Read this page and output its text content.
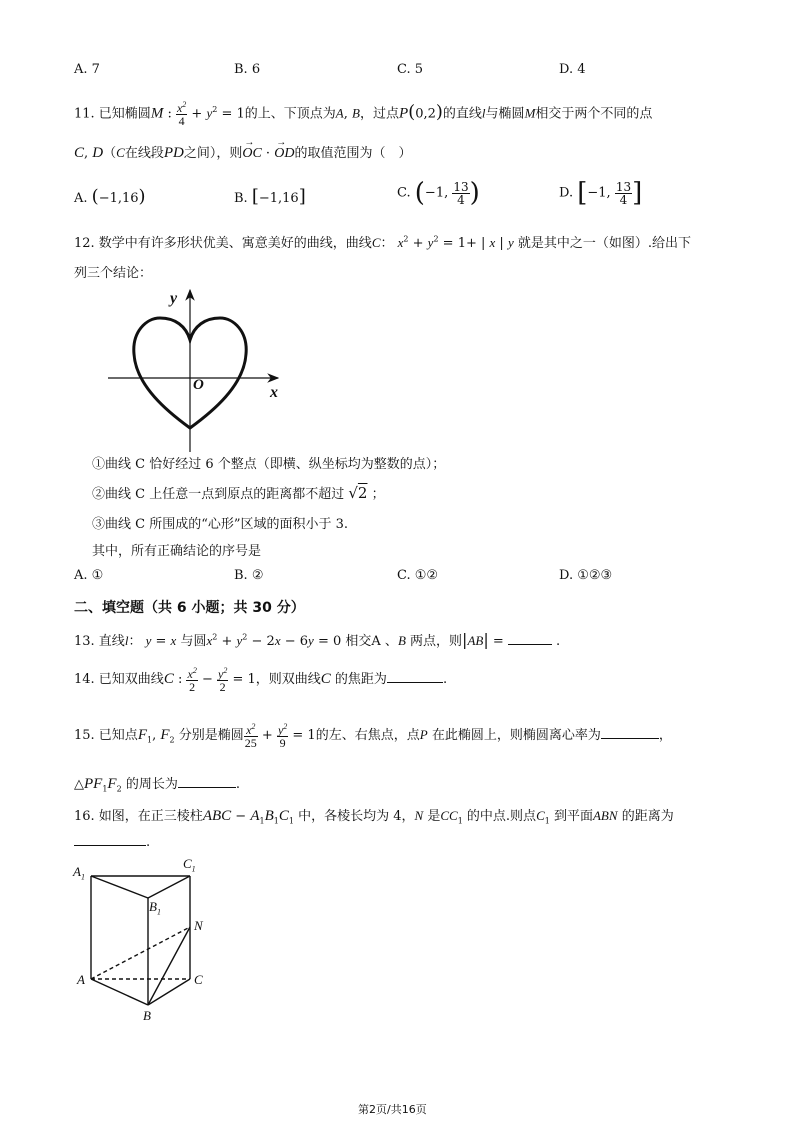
A. 7	B. 6	C. 5	D. 4
11. 已知椭圆M : $\frac{x^2}{4} + y^2 = 1$的上、下顶点为A, B，过点P(0,2)的直线l与椭圆M相交于两个不同的点
C, D（C在线段PD之间），则→ OC · → OD的取值范围为（　）
A. (−1,16)	B. [−1,16]	C. (−1, $\frac{13}{4}$ )	D. [−1, $\frac{13}{4}$ ]
12. 数学中有许多形状优美、寓意美好的曲线，曲线C： $x^2 + y^2 = 1+$ | x | y 就是其中之一（如图）.给出下
列三个结论：
y
x
O
①曲线 C 恰好经过 6 个整点（即横、纵坐标均为整数的点）；
②曲线 C 上任意一点到原点的距离都不超过 √2 ；
③曲线 C 所围成的“心形”区域的面积小于 3.
其中，所有正确结论的序号是
A. ①	B. ②	C. ①②	D. ①②③
二、填空题（共 6 小题；共 30 分）
13. 直线l： y = x 与圆$x^2 + y^2 - 2x - 6y = 0$ 相交A 、B 两点，则|AB| =	.
14. 已知双曲线C : $\frac{x^2}{2} - \frac{y^2}{2} = 1$，则双曲线C 的焦距为	.
15. 已知点$F_1$, $F_2$ 分别是椭圆 $\frac{x^2}{25} + \frac{y^2}{9} = 1$的左、右焦点，点P 在此椭圆上，则椭圆离心率为	，
$\triangle PF_1F_2$ 的周长为	.
16. 如图，在正三棱柱ABC − $A_1B_1C_1$ 中，各棱长均为 4，N 是$CC_1$ 的中点.则点$C_1$ 到平面ABN 的距离为
.
$A_1$
$C_1$
$B_1$
N
A	C
B
第2页/共16页
